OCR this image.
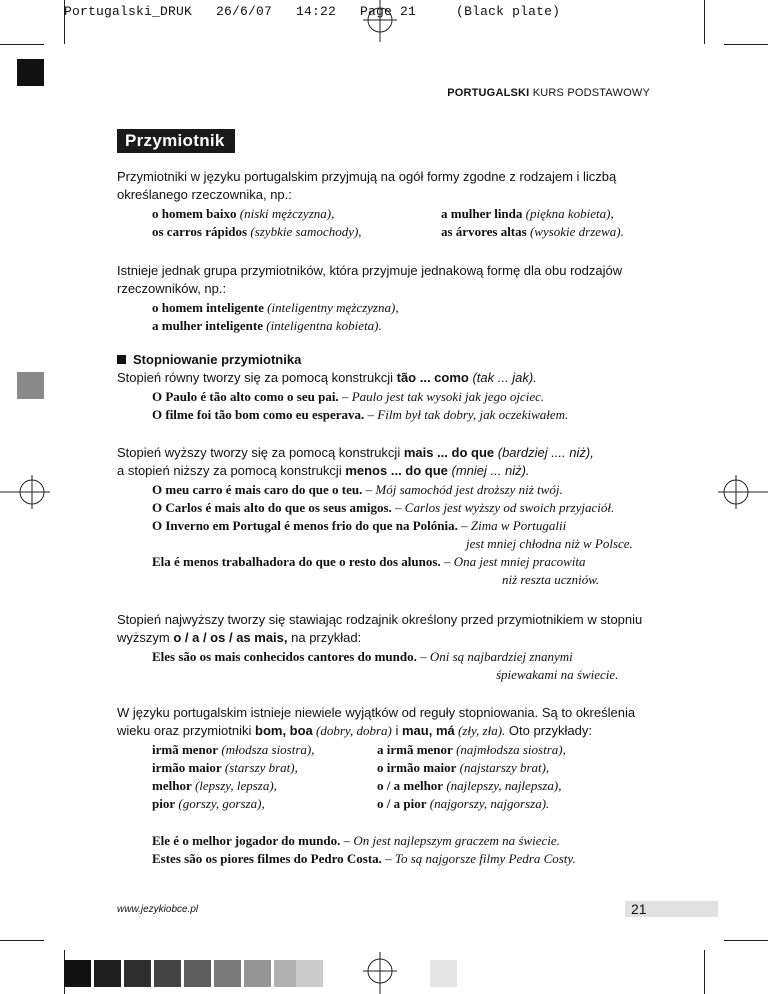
Portugalski_DRUK   26/6/07   14:22   Page 21     (Black plate)
PORTUGALSKI KURS PODSTAWOWY
Przymiotnik
Przymiotniki w języku portugalskim przyjmują na ogół formy zgodne z rodzajem i liczbą
określanego rzeczownika, np.:
o homem baixo (niski mężczyzna),	a mulher linda (piękna kobieta),
os carros rápidos (szybkie samochody),	as árvores altas (wysokie drzewa).
Istnieje jednak grupa przymiotników, która przyjmuje jednakową formę dla obu rodzajów
rzeczowników, np.:
o homem inteligente (inteligentny mężczyzna),
a mulher inteligente (inteligentna kobieta).
Stopniowanie przymiotnika
Stopień równy tworzy się za pomocą konstrukcji tão ... como (tak ... jak).
O Paulo é tão alto como o seu pai. – Paulo jest tak wysoki jak jego ojciec.
O filme foi tão bom como eu esperava. – Film był tak dobry, jak oczekiwałem.
Stopień wyższy tworzy się za pomocą konstrukcji mais ... do que (bardziej .... niż),
a stopień niższy za pomocą konstrukcji menos ... do que (mniej ... niż).
O meu carro é mais caro do que o teu. – Mój samochód jest droższy niż twój.
O Carlos é mais alto do que os seus amigos. – Carlos jest wyższy od swoich przyjaciół.
O Inverno em Portugal é menos frio do que na Polónia. – Zima w Portugalii
jest mniej chłodna niż w Polsce.
Ela é menos trabalhadora do que o resto dos alunos. – Ona jest mniej pracowita
niż reszta uczniów.
Stopień najwyższy tworzy się stawiając rodzajnik określony przed przymiotnikiem w stopniu
wyższym o / a / os / as mais, na przykład:
Eles são os mais conhecidos cantores do mundo. – Oni są najbardziej znanymi
śpiewakami na świecie.
W języku portugalskim istnieje niewiele wyjątków od reguły stopniowania. Są to określenia
wieku oraz przymiotniki bom, boa (dobry, dobra) i mau, má (zły, zła). Oto przykłady:
irmã menor (młodsza siostra),	a irmã menor (najmłodsza siostra),
irmão maior (starszy brat),	o irmão maior (najstarszy brat),
melhor (lepszy, lepsza),	o / a melhor (najlepszy, najlepsza),
pior (gorszy, gorsza),	o / a pior (najgorszy, najgorsza).
Ele é o melhor jogador do mundo. – On jest najlepszym graczem na świecie.
Estes são os piores filmes do Pedro Costa. – To są najgorsze filmy Pedra Costy.
www.jezykiobce.pl	21
